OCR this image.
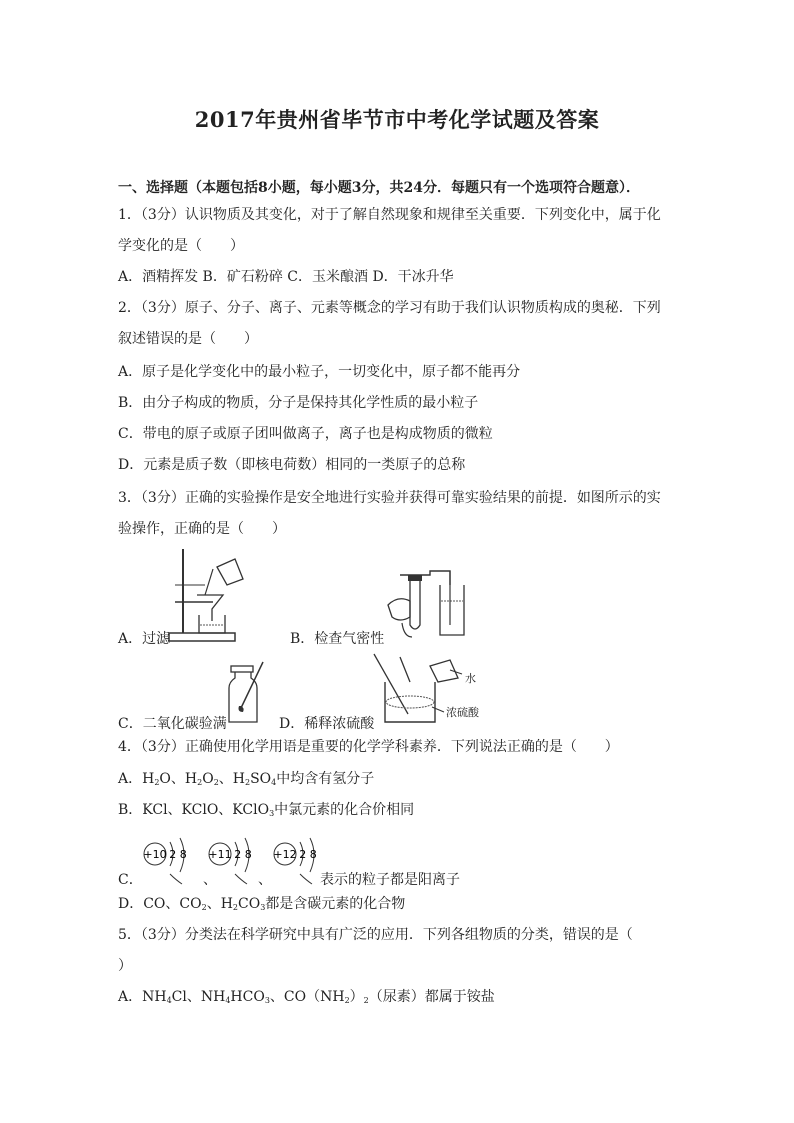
2017年贵州省毕节市中考化学试题及答案
一、选择题（本题包括8小题，每小题3分，共24分．每题只有一个选项符合题意）．
1．（3分）认识物质及其变化，对于了解自然现象和规律至关重要．下列变化中，属于化
学变化的是（　　）
A．酒精挥发 B．矿石粉碎 C．玉米酿酒 D．干冰升华
2．（3分）原子、分子、离子、元素等概念的学习有助于我们认识物质构成的奥秘．下列
叙述错误的是（　　）
A．原子是化学变化中的最小粒子，一切变化中，原子都不能再分
B．由分子构成的物质，分子是保持其化学性质的最小粒子
C．带电的原子或原子团叫做离子，离子也是构成物质的微粒
D．元素是质子数（即核电荷数）相同的一类原子的总称
3．（3分）正确的实验操作是安全地进行实验并获得可靠实验结果的前提．如图所示的实
验操作，正确的是（　　）
A．过滤	B．检查气密性
C．二氧化碳验满
水
浓硫酸
D．稀释浓硫酸
4．（3分）正确使用化学用语是重要的化学学科素养．下列说法正确的是（　　）
A．$H_2O$、$H_2O_2$、$H_2SO_4$中均含有氢分子
B．KCl、KClO、KClO$_3$中氯元素的化合价相同
+10 2 8 +11 2 8 +12 2 8
C．	、	、	表示的粒子都是阳离子
D．CO、$CO_2$、$H_2CO_3$都是含碳元素的化合物
5．（3分）分类法在科学研究中具有广泛的应用．下列各组物质的分类，错误的是（
）
A．$NH_4Cl$、$NH_4HCO_3$、$CO(NH_2)_2$（尿素）都属于铵盐
